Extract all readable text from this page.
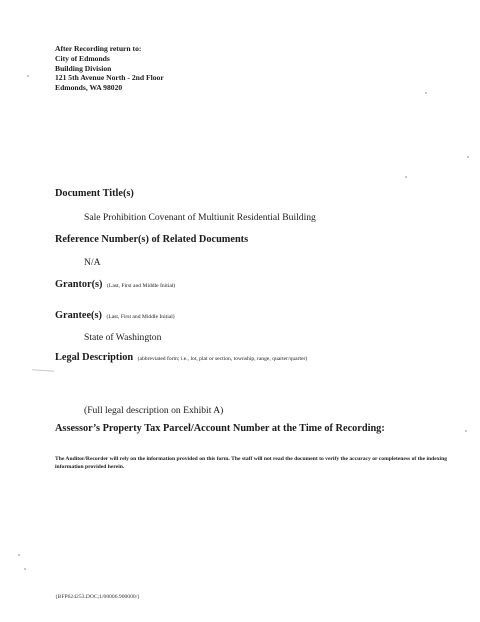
After Recording return to:
City of Edmonds
Building Division
121 5th Avenue North - 2nd Floor
Edmonds, WA 98020
Document Title(s)
Sale Prohibition Covenant of Multiunit Residential Building
Reference Number(s) of Related Documents
N/A
Grantor(s) (Last, First and Middle Initial)
Grantee(s) (Last, First and Middle Initial)
State of Washington
Legal Description (abbreviated form; i.e., lot, plat or section, township, range, quarter/quarter)
(Full legal description on Exhibit A)
Assessor’s Property Tax Parcel/Account Number at the Time of Recording:
The Auditor/Recorder will rely on the information provided on this form. The staff will not read the document to verify the accuracy or completeness of the indexing information provided herein.
{BFP624253.DOC;1/00006.900000/}
